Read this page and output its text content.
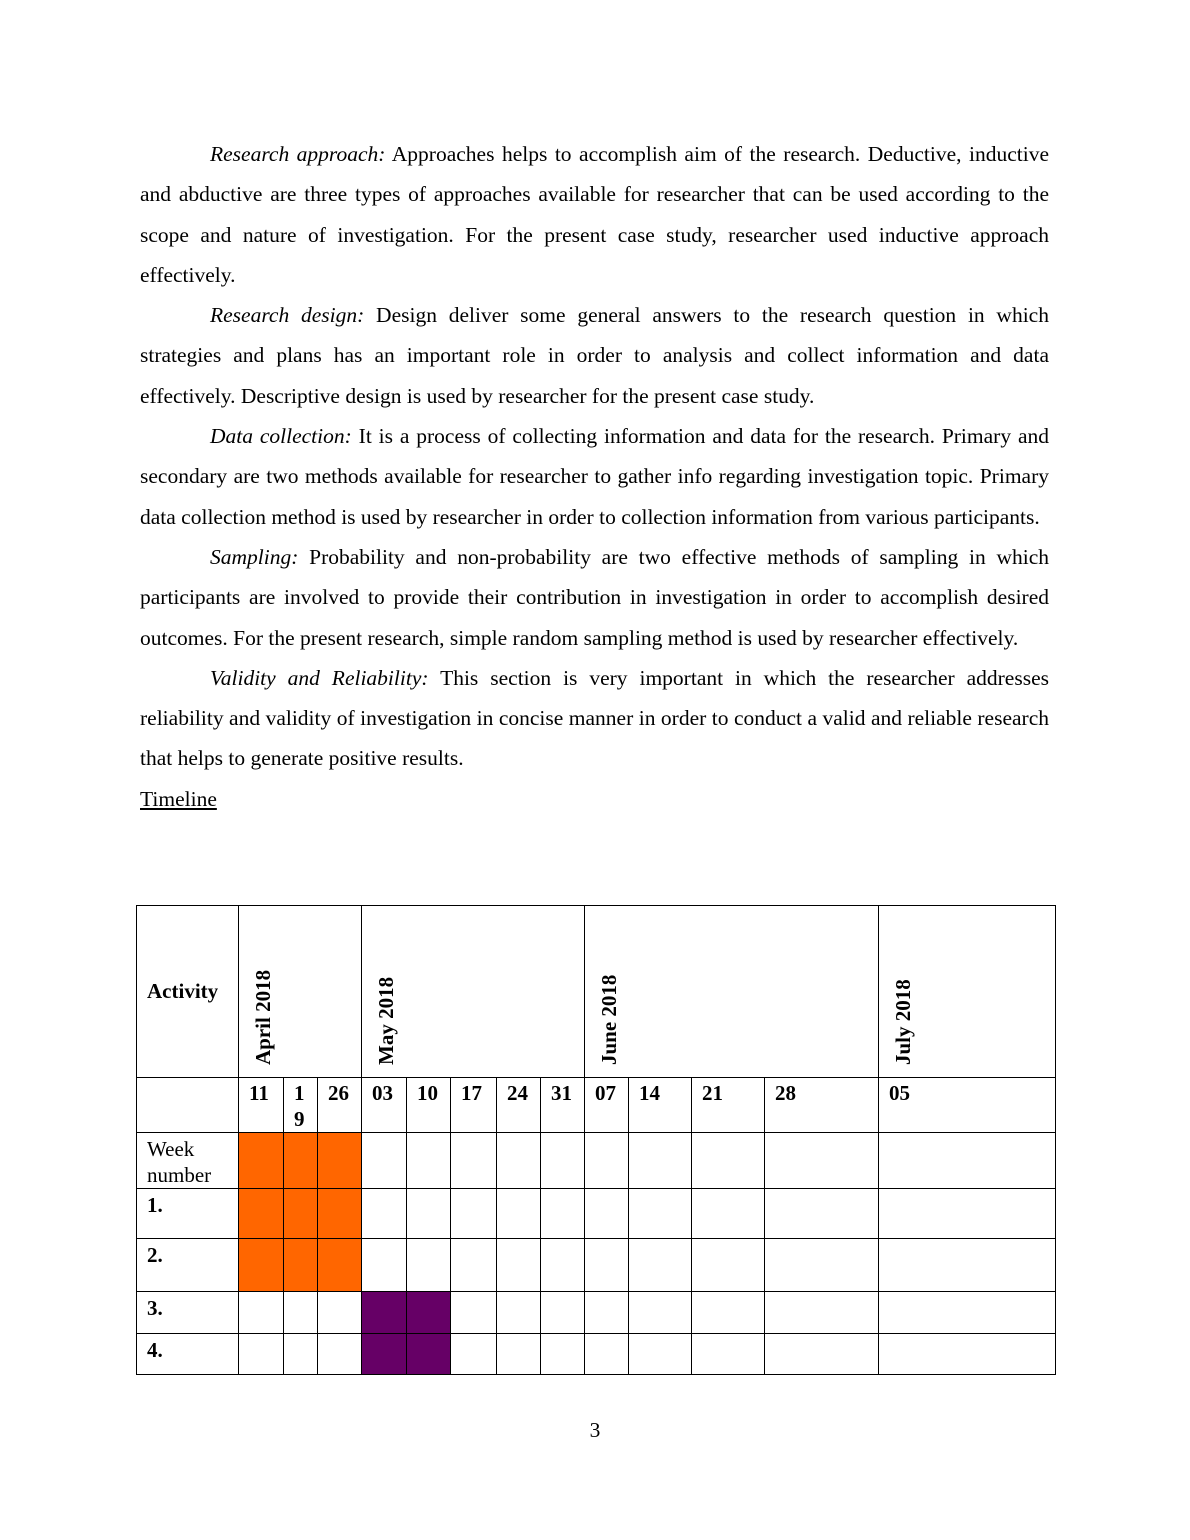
Research approach: Approaches helps to accomplish aim of the research. Deductive, inductive and abductive are three types of approaches available for researcher that can be used according to the scope and nature of investigation. For the present case study, researcher used inductive approach effectively.

Research design: Design deliver some general answers to the research question in which strategies and plans has an important role in order to analysis and collect information and data effectively. Descriptive design is used by researcher for the present case study.

Data collection: It is a process of collecting information and data for the research. Primary and secondary are two methods available for researcher to gather info regarding investigation topic. Primary data collection method is used by researcher in order to collection information from various participants.

Sampling: Probability and non-probability are two effective methods of sampling in which participants are involved to provide their contribution in investigation in order to accomplish desired outcomes. For the present research, simple random sampling method is used by researcher effectively.

Validity and Reliability: This section is very important in which the researcher addresses reliability and validity of investigation in concise manner in order to conduct a valid and reliable research that helps to generate positive results.

Timeline

Activity	April 2018			May 2018					June 2018				July 2018

	11	19	26	03	10	17	24	31	07	14	21	28	05
Week number													
1.													
2.													
3.													
4.													
3
